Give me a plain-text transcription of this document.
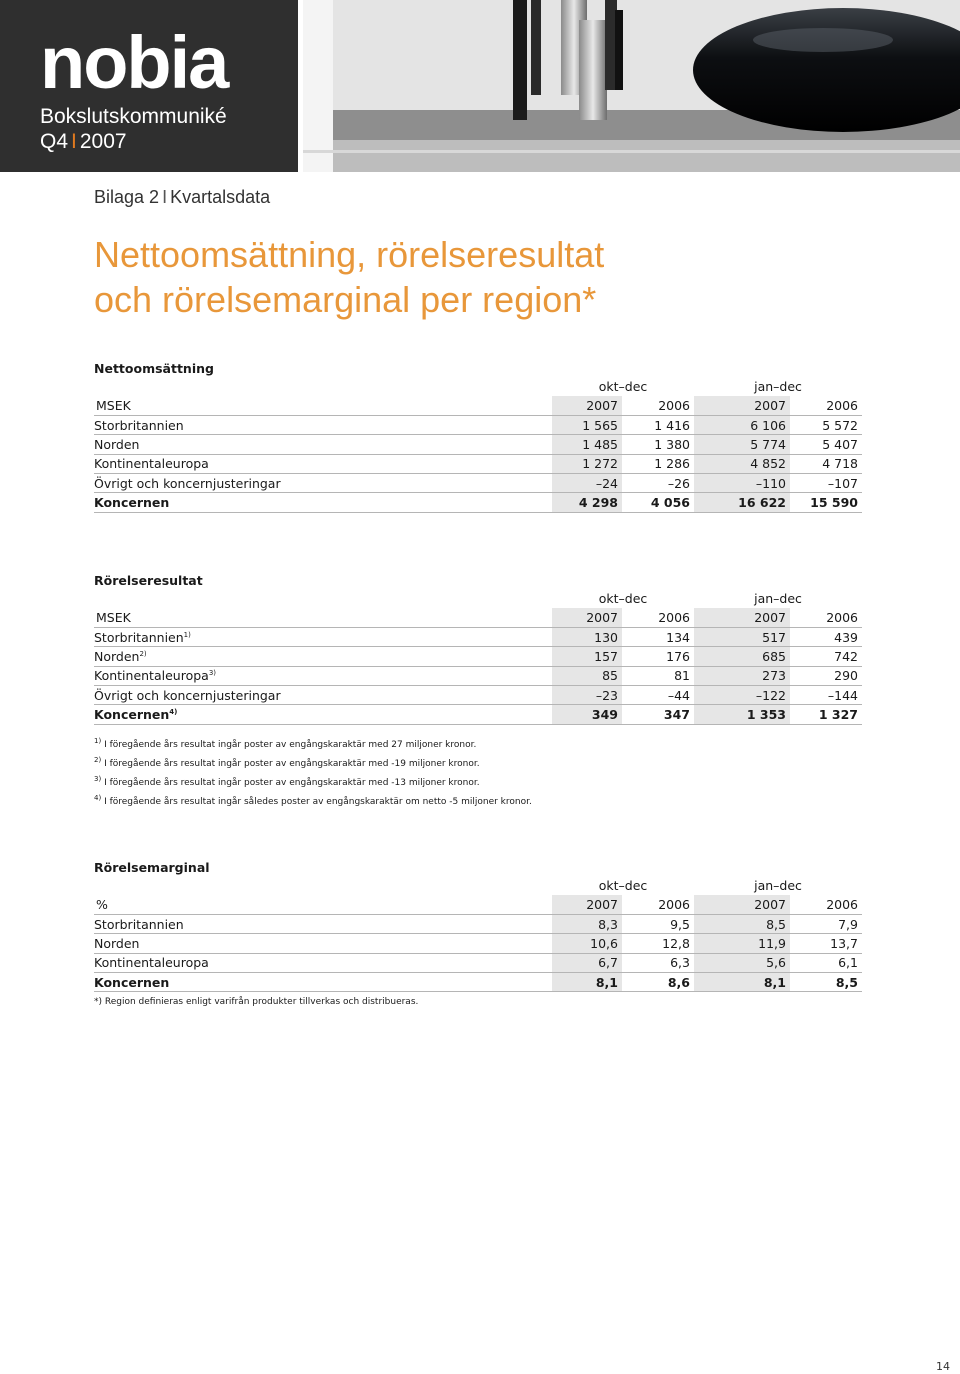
nobia
Bokslutskommuniké
Q4 I 2007
Bilaga 2 I Kvartalsdata
Nettoomsättning, rörelseresultat
och rörelsemarginal per region*
Nettoomsättning
	okt–dec		jan–dec	
MSEK	2007	2006	2007	2006
Storbritannien	1 565	1 416	6 106	5 572
Norden	1 485	1 380	5 774	5 407
Kontinentaleuropa	1 272	1 286	4 852	4 718
Övrigt och koncernjusteringar	–24	–26	–110	–107
Koncernen	4 298	4 056	16 622	15 590
Rörelseresultat
	okt–dec		jan–dec	
MSEK	2007	2006	2007	2006
Storbritannien$^{1)}$	130	134	517	439
Norden$^{2)}$	157	176	685	742
Kontinentaleuropa$^{3)}$	85	81	273	290
Övrigt och koncernjusteringar	–23	–44	–122	–144
Koncernen$^{4)}$	349	347	1 353	1 327
$^{1)}$ I föregående års resultat ingår poster av engångskaraktär med 27 miljoner kronor.
$^{2)}$ I föregående års resultat ingår poster av engångskaraktär med -19 miljoner kronor.
$^{3)}$ I föregående års resultat ingår poster av engångskaraktär med -13 miljoner kronor.
$^{4)}$ I föregående års resultat ingår således poster av engångskaraktär om netto -5 miljoner kronor.
Rörelsemarginal
	okt–dec		jan–dec	
%	2007	2006	2007	2006
Storbritannien	8,3	9,5	8,5	7,9
Norden	10,6	12,8	11,9	13,7
Kontinentaleuropa	6,7	6,3	5,6	6,1
Koncernen	8,1	8,6	8,1	8,5
*) Region definieras enligt varifrån produkter tillverkas och distribueras.
14
